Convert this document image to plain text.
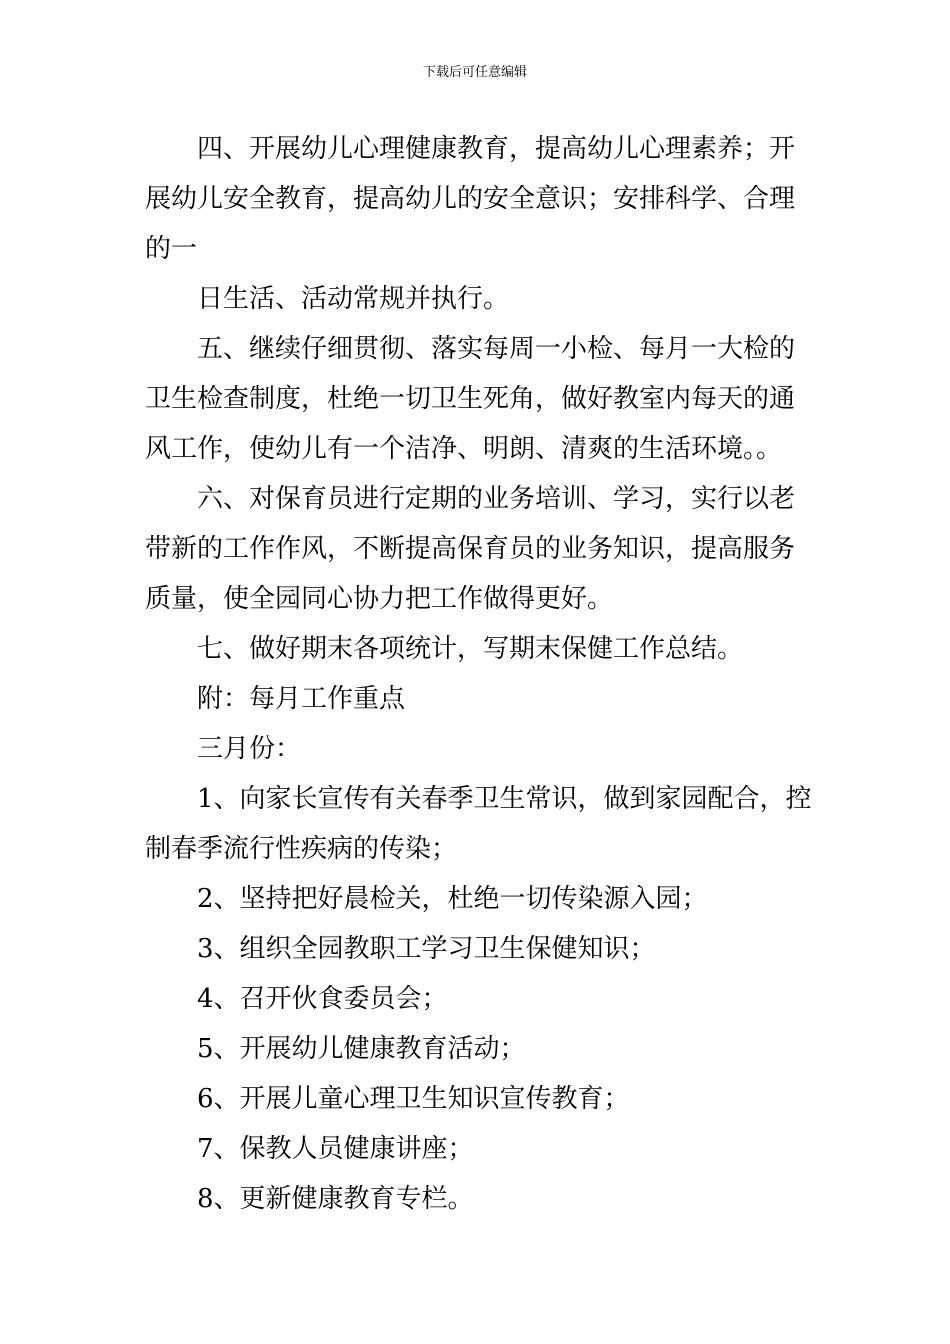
下载后可任意编辑
四、开展幼儿心理健康教育，提高幼儿心理素养；开
展幼儿安全教育，提高幼儿的安全意识；安排科学、合理
的一
日生活、活动常规并执行。
五、继续仔细贯彻、落实每周一小检、每月一大检的
卫生检查制度，杜绝一切卫生死角，做好教室内每天的通
风工作，使幼儿有一个洁净、明朗、清爽的生活环境。。
六、对保育员进行定期的业务培训、学习，实行以老
带新的工作作风，不断提高保育员的业务知识，提高服务
质量，使全园同心协力把工作做得更好。
七、做好期末各项统计，写期末保健工作总结。
附：每月工作重点
三月份：
1、向家长宣传有关春季卫生常识，做到家园配合，控
制春季流行性疾病的传染；
2、坚持把好晨检关，杜绝一切传染源入园；
3、组织全园教职工学习卫生保健知识；
4、召开伙食委员会；
5、开展幼儿健康教育活动；
6、开展儿童心理卫生知识宣传教育；
7、保教人员健康讲座；
8、更新健康教育专栏。
